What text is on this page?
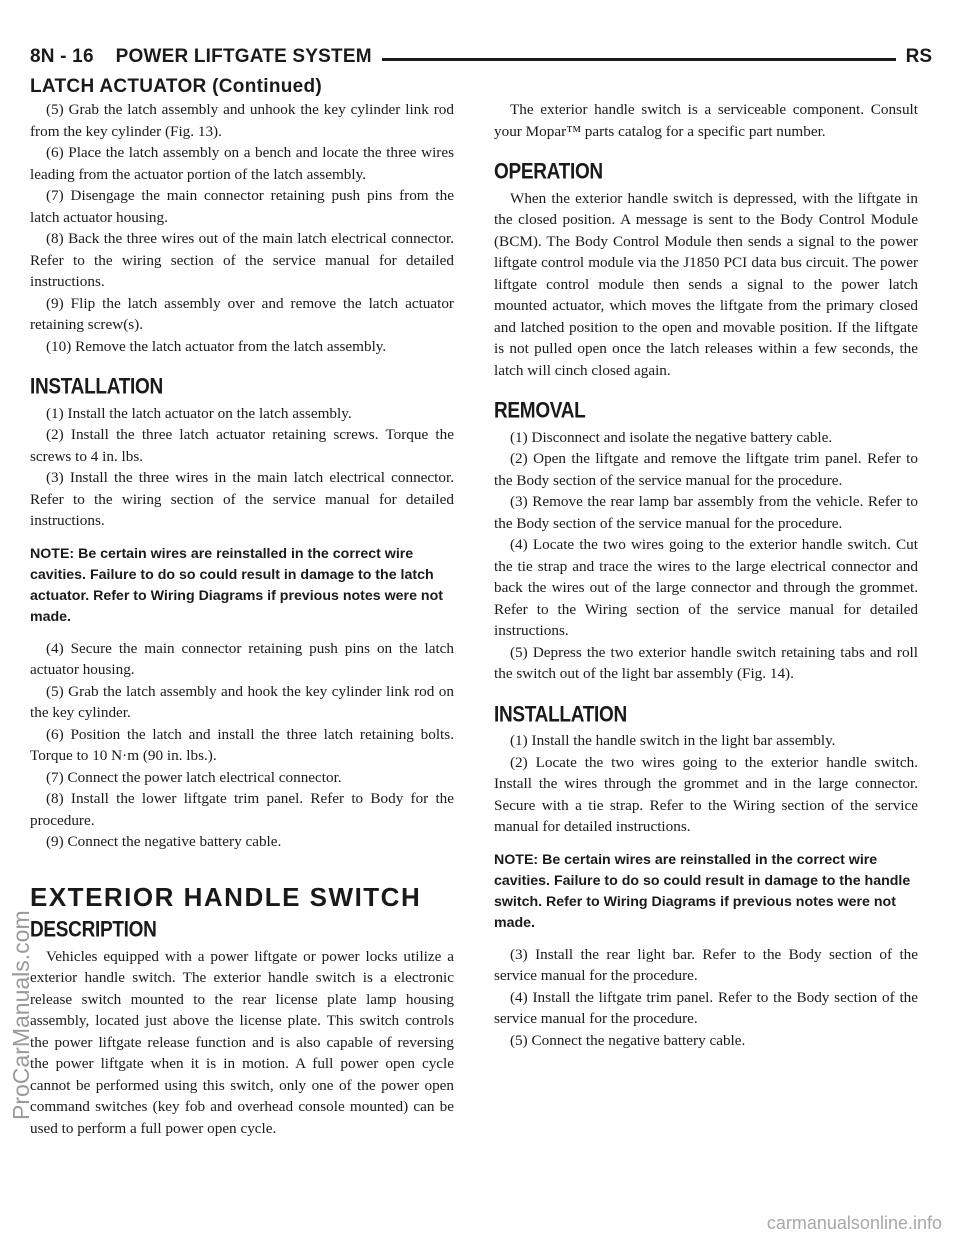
8N - 16    POWER LIFTGATE SYSTEM	RS
LATCH ACTUATOR (Continued)

(5) Grab the latch assembly and unhook the key cylinder link rod from the key cylinder (Fig. 13).

(6) Place the latch assembly on a bench and locate the three wires leading from the actuator portion of the latch assembly.

(7) Disengage the main connector retaining push pins from the latch actuator housing.

(8) Back the three wires out of the main latch electrical connector. Refer to the wiring section of the service manual for detailed instructions.

(9) Flip the latch assembly over and remove the latch actuator retaining screw(s).

(10) Remove the latch actuator from the latch assembly.

INSTALLATION

(1) Install the latch actuator on the latch assembly.

(2) Install the three latch actuator retaining screws. Torque the screws to 4 in. lbs.

(3) Install the three wires in the main latch electrical connector. Refer to the wiring section of the service manual for detailed instructions.

NOTE: Be certain wires are reinstalled in the correct wire cavities. Failure to do so could result in damage to the latch actuator. Refer to Wiring Diagrams if previous notes were not made.

(4) Secure the main connector retaining push pins on the latch actuator housing.

(5) Grab the latch assembly and hook the key cylinder link rod on the key cylinder.

(6) Position the latch and install the three latch retaining bolts. Torque to 10 N·m (90 in. lbs.).

(7) Connect the power latch electrical connector.

(8) Install the lower liftgate trim panel. Refer to Body for the procedure.

(9) Connect the negative battery cable.

EXTERIOR HANDLE SWITCH
DESCRIPTION

Vehicles equipped with a power liftgate or power locks utilize a exterior handle switch. The exterior handle switch is a electronic release switch mounted to the rear license plate lamp housing assembly, located just above the license plate. This switch controls the power liftgate release function and is also capable of reversing the power liftgate when it is in motion. A full power open cycle cannot be performed using this switch, only one of the power open command switches (key fob and overhead console mounted) can be used to perform a full power open cycle.

The exterior handle switch is a serviceable component. Consult your Mopar™ parts catalog for a specific part number.

OPERATION

When the exterior handle switch is depressed, with the liftgate in the closed position. A message is sent to the Body Control Module (BCM). The Body Control Module then sends a signal to the power liftgate control module via the J1850 PCI data bus circuit. The power liftgate control module then sends a signal to the power latch mounted actuator, which moves the liftgate from the primary closed and latched position to the open and movable position. If the liftgate is not pulled open once the latch releases within a few seconds, the latch will cinch closed again.

REMOVAL

(1) Disconnect and isolate the negative battery cable.

(2) Open the liftgate and remove the liftgate trim panel. Refer to the Body section of the service manual for the procedure.

(3) Remove the rear lamp bar assembly from the vehicle. Refer to the Body section of the service manual for the procedure.

(4) Locate the two wires going to the exterior handle switch. Cut the tie strap and trace the wires to the large electrical connector and back the wires out of the large connector and through the grommet. Refer to the Wiring section of the service manual for detailed instructions.

(5) Depress the two exterior handle switch retaining tabs and roll the switch out of the light bar assembly (Fig. 14).

INSTALLATION

(1) Install the handle switch in the light bar assembly.

(2) Locate the two wires going to the exterior handle switch. Install the wires through the grommet and in the large connector. Secure with a tie strap. Refer to the Wiring section of the service manual for detailed instructions.

NOTE: Be certain wires are reinstalled in the correct wire cavities. Failure to do so could result in damage to the handle switch. Refer to Wiring Diagrams if previous notes were not made.

(3) Install the rear light bar. Refer to the Body section of the service manual for the procedure.

(4) Install the liftgate trim panel. Refer to the Body section of the service manual for the procedure.

(5) Connect the negative battery cable.

ProCarManuals.com
carmanualsonline.info
